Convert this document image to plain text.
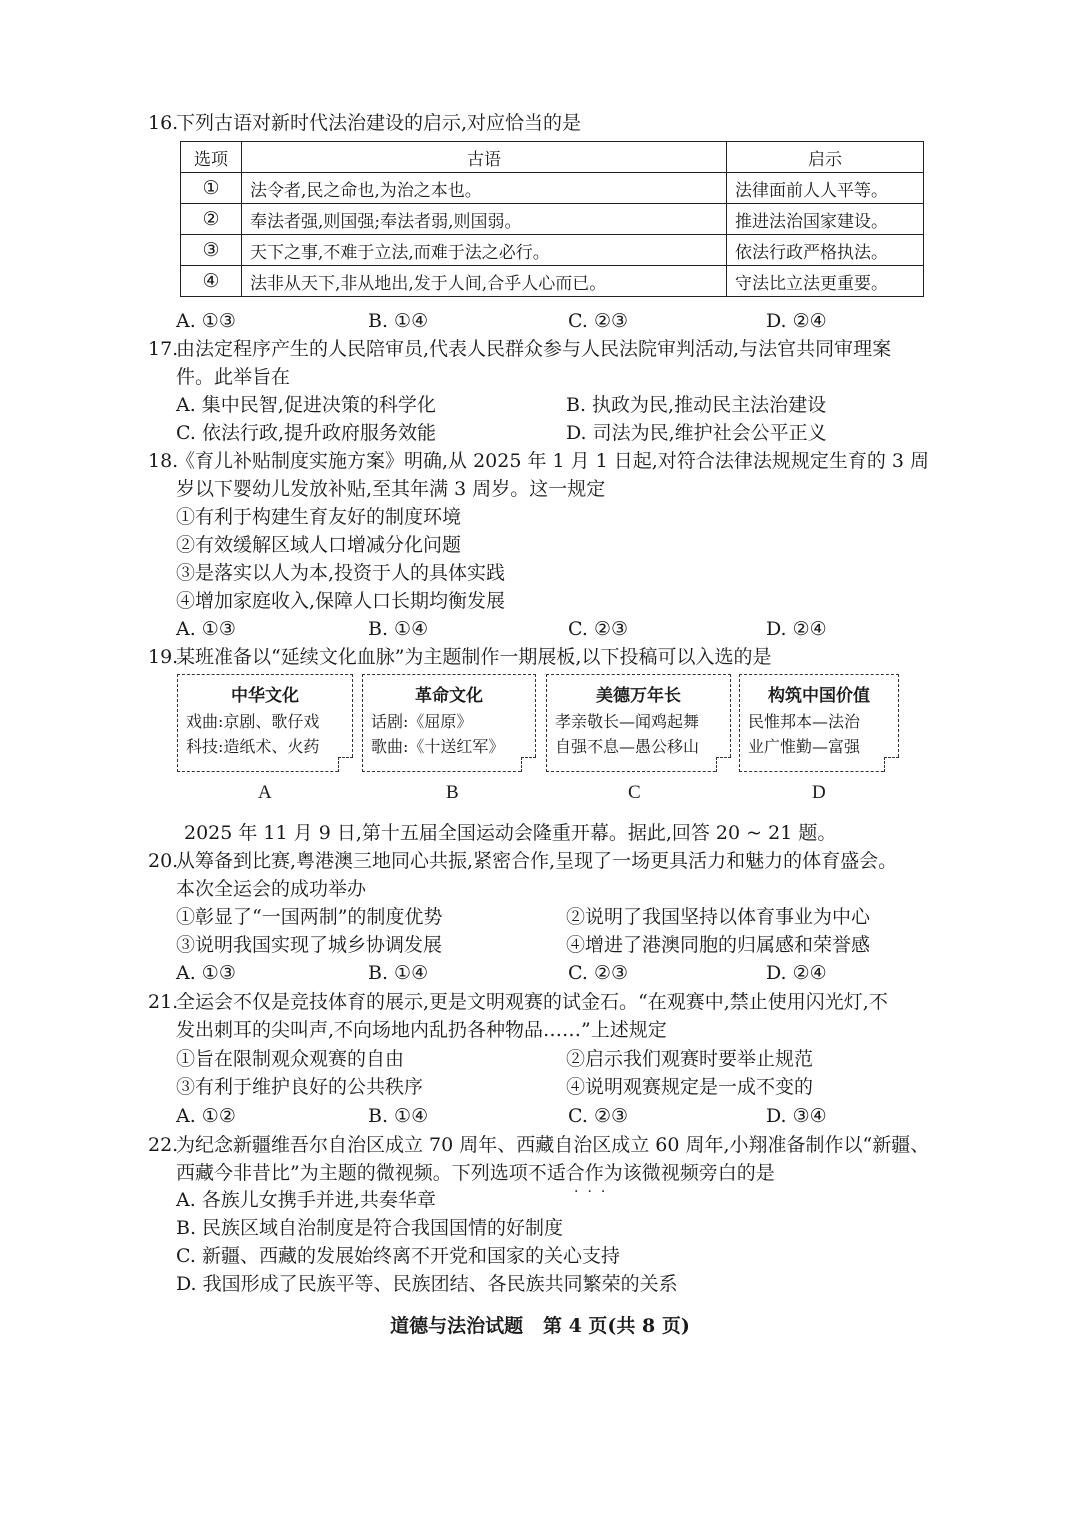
16.
下列古语对新时代法治建设的启示,对应恰当的是
选项	古语	启示
①	法令者,民之命也,为治之本也。	法律面前人人平等。
②	奉法者强,则国强;奉法者弱,则国弱。	推进法治国家建设。
③	天下之事,不难于立法,而难于法之必行。	依法行政严格执法。
④	法非从天下,非从地出,发于人间,合乎人心而已。	守法比立法更重要。
A. ①③	B. ①④	C. ②③	D. ②④
17.
由法定程序产生的人民陪审员,代表人民群众参与人民法院审判活动,与法官共同审理案
件。此举旨在
A. 集中民智,促进决策的科学化	B. 执政为民,推动民主法治建设
C. 依法行政,提升政府服务效能	D. 司法为民,维护社会公平正义
18.
《育儿补贴制度实施方案》明确,从 2025 年 1 月 1 日起,对符合法律法规规定生育的 3 周
岁以下婴幼儿发放补贴,至其年满 3 周岁。这一规定
①有利于构建生育友好的制度环境
②有效缓解区域人口增减分化问题
③是落实以人为本,投资于人的具体实践
④增加家庭收入,保障人口长期均衡发展
A. ①③	B. ①④	C. ②③	D. ②④
19.
某班准备以“延续文化血脉”为主题制作一期展板,以下投稿可以入选的是
中华文化
戏曲:京剧、歌仔戏
科技:造纸术、火药
革命文化
话剧:《屈原》
歌曲:《十送红军》
美德万年长
孝亲敬长—闻鸡起舞
自强不息—愚公移山
构筑中国价值
民惟邦本—法治
业广惟勤—富强
A	B	C	D
2025 年 11 月 9 日,第十五届全国运动会隆重开幕。据此,回答 20 ~ 21 题。
20.
从筹备到比赛,粤港澳三地同心共振,紧密合作,呈现了一场更具活力和魅力的体育盛会。
本次全运会的成功举办
①彰显了“一国两制”的制度优势	②说明了我国坚持以体育事业为中心
③说明我国实现了城乡协调发展	④增进了港澳同胞的归属感和荣誉感
A. ①③	B. ①④	C. ②③	D. ②④
21.
全运会不仅是竞技体育的展示,更是文明观赛的试金石。“在观赛中,禁止使用闪光灯,不
发出刺耳的尖叫声,不向场地内乱扔各种物品……”上述规定
①旨在限制观众观赛的自由	②启示我们观赛时要举止规范
③有利于维护良好的公共秩序	④说明观赛规定是一成不变的
A. ①②	B. ①④	C. ②③	D. ③④
22.
为纪念新疆维吾尔自治区成立 70 周年、西藏自治区成立 60 周年,小翔准备制作以“新疆、
西藏今非昔比”为主题的微视频。下列选项不适合作为该微视频旁白的是
···
A. 各族儿女携手并进,共奏华章
B. 民族区域自治制度是符合我国国情的好制度
C. 新疆、西藏的发展始终离不开党和国家的关心支持
D. 我国形成了民族平等、民族团结、各民族共同繁荣的关系
道德与法治试题   第 4 页(共 8 页)
